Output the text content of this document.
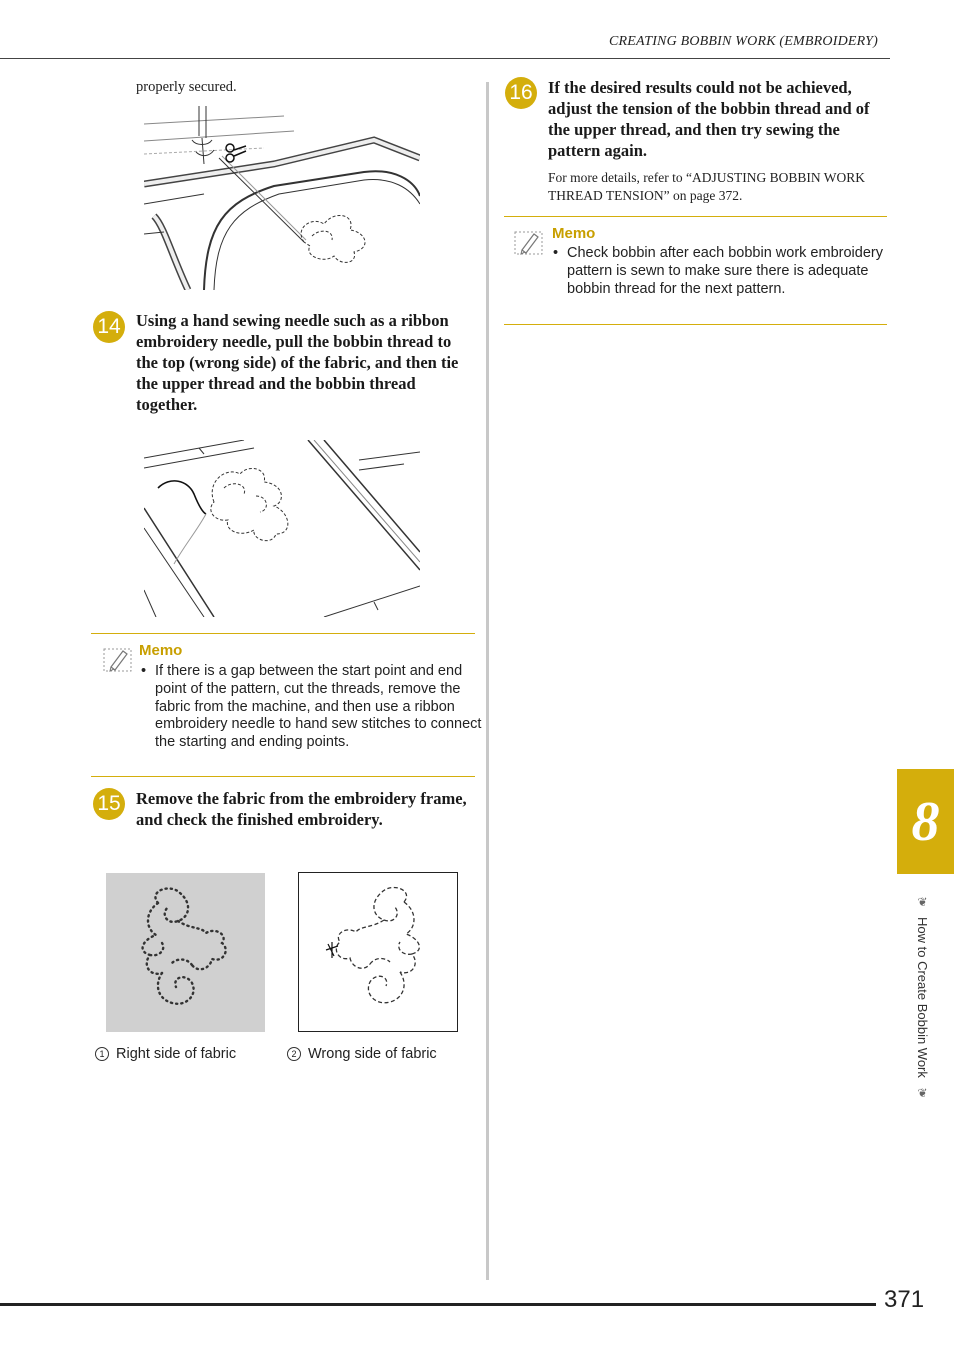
CREATING BOBBIN WORK (EMBROIDERY)
properly secured.
14 Using a hand sewing needle such as a ribbon embroidery needle, pull the bobbin thread to the top (wrong side) of the fabric, and then tie the upper thread and the bobbin thread together.
Memo
• If there is a gap between the start point and end point of the pattern, cut the threads, remove the fabric from the machine, and then use a ribbon embroidery needle to hand sew stitches to connect the starting and ending points.
15 Remove the fabric from the embroidery frame, and check the finished embroidery.
1 Right side of fabric	2 Wrong side of fabric
16 If the desired results could not be achieved, adjust the tension of the bobbin thread and of the upper thread, and then try sewing the pattern again.
For more details, refer to “ADJUSTING BOBBIN WORK THREAD TENSION” on page 372.
Memo
• Check bobbin after each bobbin work embroidery pattern is sewn to make sure there is adequate bobbin thread for the next pattern.
8
❦
How to Create Bobbin Work
❦
371
